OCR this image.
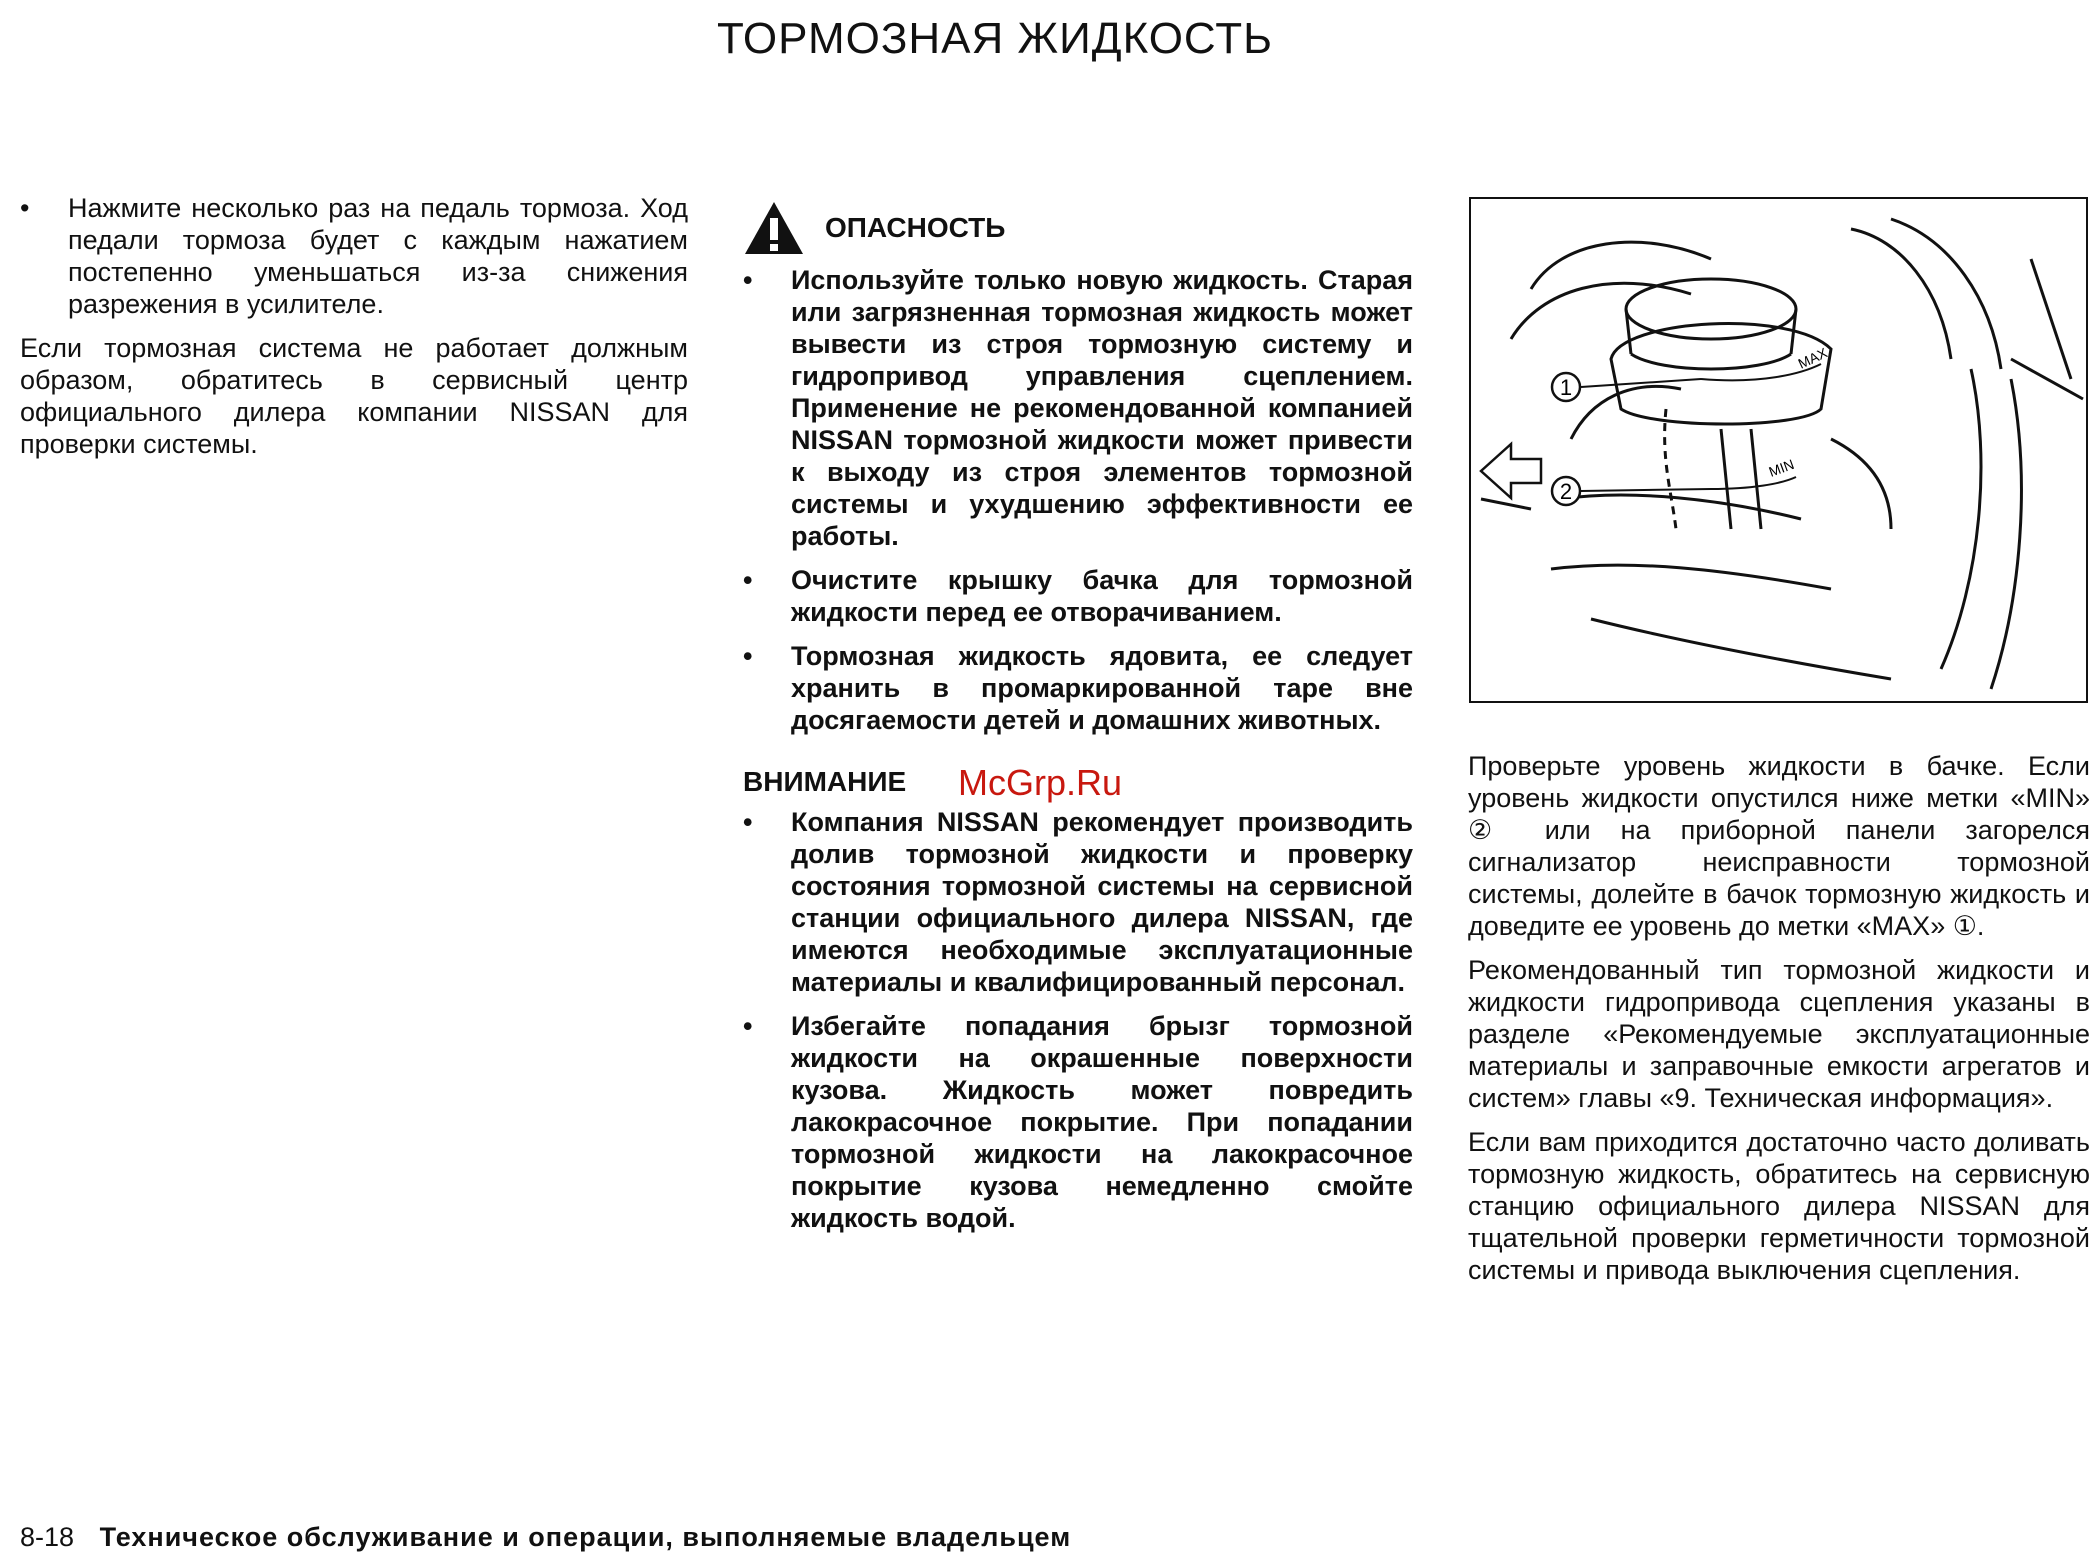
ТОРМОЗНАЯ ЖИДКОСТЬ
•	Нажмите несколько раз на педаль тормоза. Ход педали тормоза будет с каждым нажатием постепенно уменьшаться из-за снижения разрежения в усилителе.

Если тормозная система не работает должным образом, обратитесь в сервисный центр официального дилера компании NISSAN для проверки системы.

ОПАСНОСТЬ
•	Используйте только новую жидкость. Старая или загрязненная тормозная жидкость может вывести из строя тормозную систему и гидропривод управления сцеплением. Применение не рекомендованной компанией NISSAN тормозной жидкости может привести к выходу из строя элементов тормозной системы и ухудшению эффективности ее работы.
•	Очистите крышку бачка для тормозной жидкости перед ее отворачиванием.
•	Тормозная жидкость ядовита, ее следует хранить в промаркированной таре вне досягаемости детей и домашних животных.
ВНИМАНИЕ
•	Компания NISSAN рекомендует производить долив тормозной жидкости и проверку состояния тормозной системы на сервисной станции официального дилера NISSAN, где имеются необходимые эксплуатационные материалы и квалифицированный персонал.
•	Избегайте попадания брызг тормозной жидкости на окрашенные поверхности кузова. Жидкость может повредить лакокрасочное покрытие. При попадании тормозной жидкости на лакокрасочное покрытие кузова немедленно смойте жидкость водой.
McGrp.Ru
MAX
MIN
1
2

Проверьте уровень жидкости в бачке. Если уровень жидкости опустился ниже метки «MIN» ② или на приборной панели загорелся сигнализатор неисправности тормозной системы, долейте в бачок тормозную жидкость и доведите ее уровень до метки «MAX» ①.

Рекомендованный тип тормозной жидкости и жидкости гидропривода сцепления указаны в разделе «Рекомендуемые эксплуатационные материалы и заправочные емкости агрегатов и систем» главы «9. Техническая информация».

Если вам приходится достаточно часто доливать тормозную жидкость, обратитесь на сервисную станцию официального дилера NISSAN для тщательной проверки герметичности тормозной системы и привода выключения сцепления.

8-18 Техническое обслуживание и операции, выполняемые владельцем
